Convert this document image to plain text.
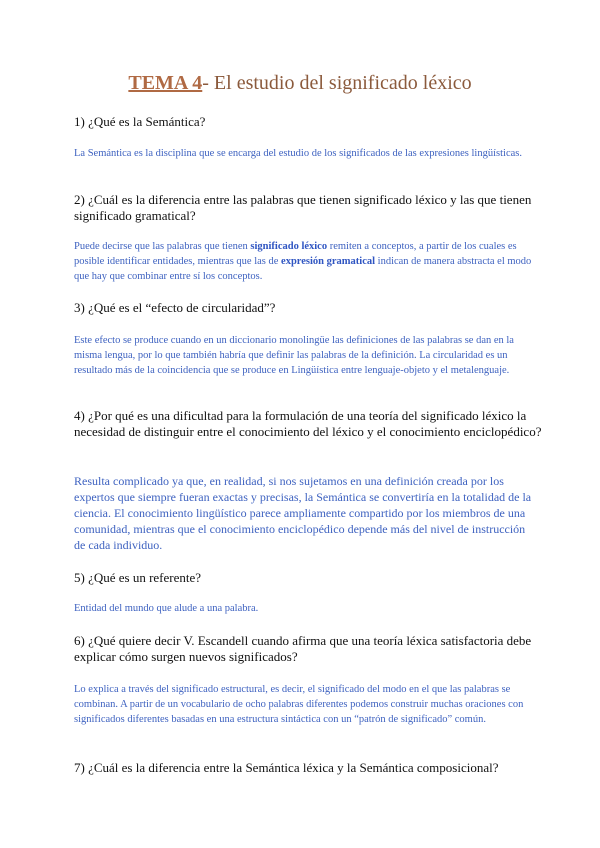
TEMA 4- El estudio del significado léxico
1) ¿Qué es la Semántica?
La Semántica es la disciplina que se encarga del estudio de los significados de las expresiones lingüísticas.
2) ¿Cuál es la diferencia entre las palabras que tienen significado léxico y las que tienen significado gramatical?
Puede decirse que las palabras que tienen significado léxico remiten a conceptos, a partir de los cuales es posible identificar entidades, mientras que las de expresión gramatical indican de manera abstracta el modo que hay que combinar entre sí los conceptos.
3) ¿Qué es el “efecto de circularidad”?
Este efecto se produce cuando en un diccionario monolingüe las definiciones de las palabras se dan en la misma lengua, por lo que también habría que definir las palabras de la definición. La circularidad es un resultado más de la coincidencia que se produce en Lingüística entre lenguaje-objeto y el metalenguaje.
4) ¿Por qué es una dificultad para la formulación de una teoría del significado léxico la necesidad de distinguir entre el conocimiento del léxico y el conocimiento enciclopédico?
Resulta complicado ya que, en realidad, si nos sujetamos en una definición creada por los expertos que siempre fueran exactas y precisas, la Semántica se convertiría en la totalidad de la ciencia. El conocimiento lingüístico parece ampliamente compartido por los miembros de una comunidad, mientras que el conocimiento enciclopédico depende más del nivel de instrucción de cada individuo.
5) ¿Qué es un referente?
Entidad del mundo que alude a una palabra.
6) ¿Qué quiere decir V. Escandell cuando afirma que una teoría léxica satisfactoria debe explicar cómo surgen nuevos significados?
Lo explica a través del significado estructural, es decir, el significado del modo en el que las palabras se combinan. A partir de un vocabulario de ocho palabras diferentes podemos construir muchas oraciones con significados diferentes basadas en una estructura sintáctica con un “patrón de significado” común.
7) ¿Cuál es la diferencia entre la Semántica léxica y la Semántica composicional?
